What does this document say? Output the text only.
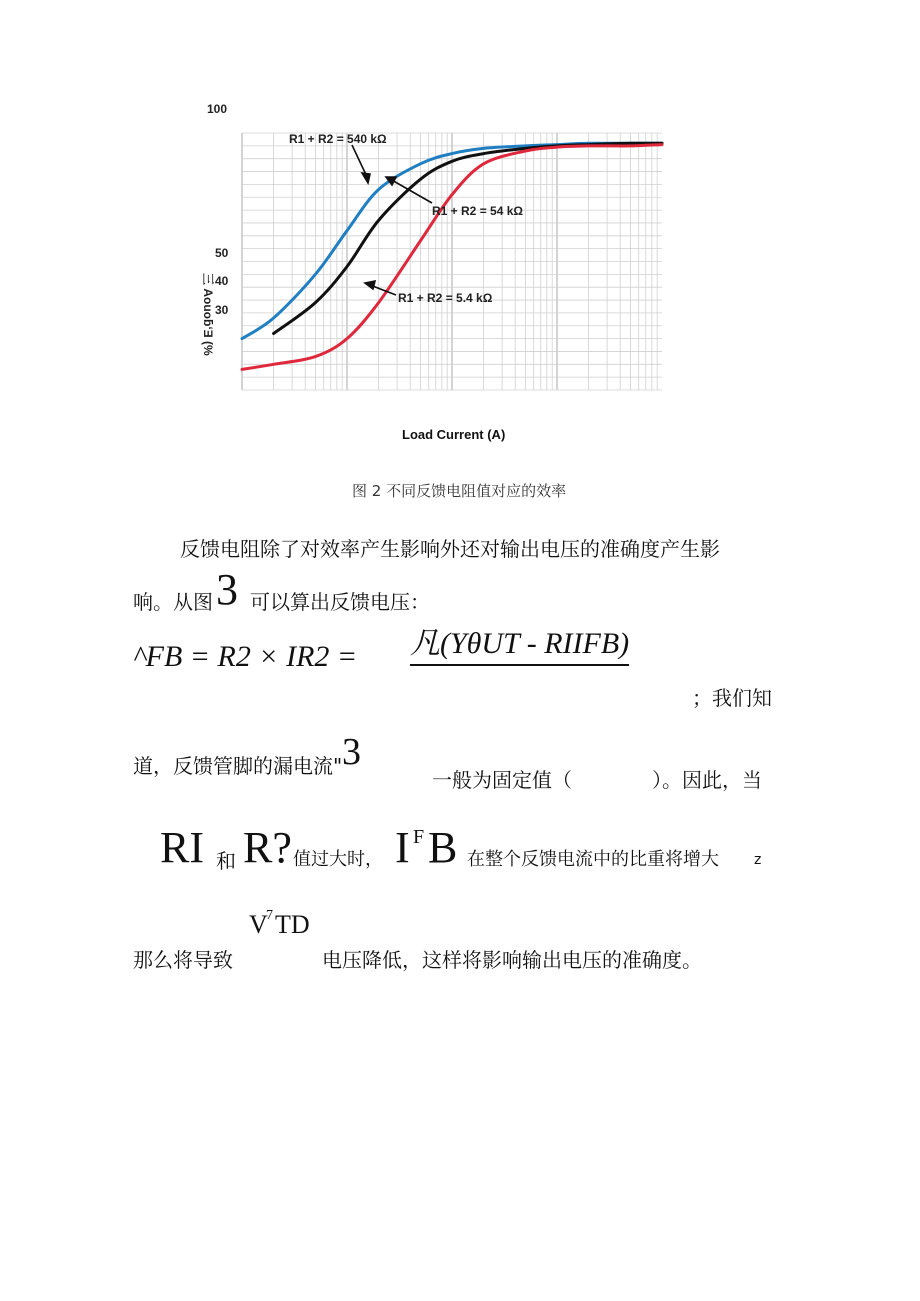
100
50
40
30
三 Aouoƃ‘Ǝ (%
R1 + R2 = 540 kΩ
R1 + R2 = 54 kΩ
R1 + R2 = 5.4 kΩ
Load Current (A)
图 2 不同反馈电阻值对应的效率
反馈电阻除了对效率产生影响外还对输出电压的准确度产生影
响。从图 3 可以算出反馈电压：
^FB = R2 × IR2 = 凡(YθUT - RIIFB)
；我们知
道，反馈管脚的漏电流" 3
一般为固定值（　　　　）。因此，当
RI 和 R? 值过大时， I F B 在整个反馈电流中的比重将增大	z
V
7 TD
那么将导致	电压降低，这样将影响输出电压的准确度。
